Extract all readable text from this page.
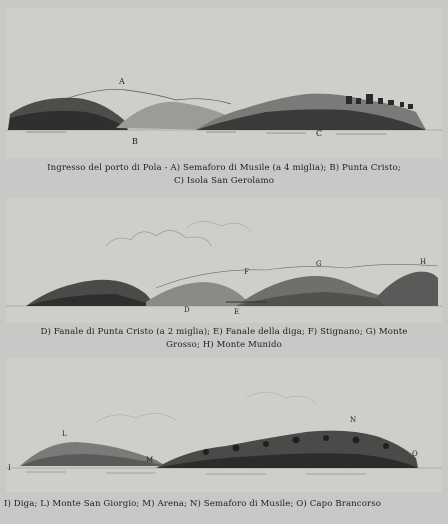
A
B
C
Ingresso del porto di Pola - A) Semaforo di Musile (a 4 miglia); B) Punta Cristo;
C) Isola San Gerolamo
D	E
F
G	H
D) Fanale di Punta Cristo (a 2 miglia); E) Fanale della diga; F) Stignano; G) Monte
Grosso; H) Monte Munido
I
L
M
N
O
I) Diga; L) Monte San Giorgio; M) Arena; N) Semaforo di Musile; O) Capo Brancorso
